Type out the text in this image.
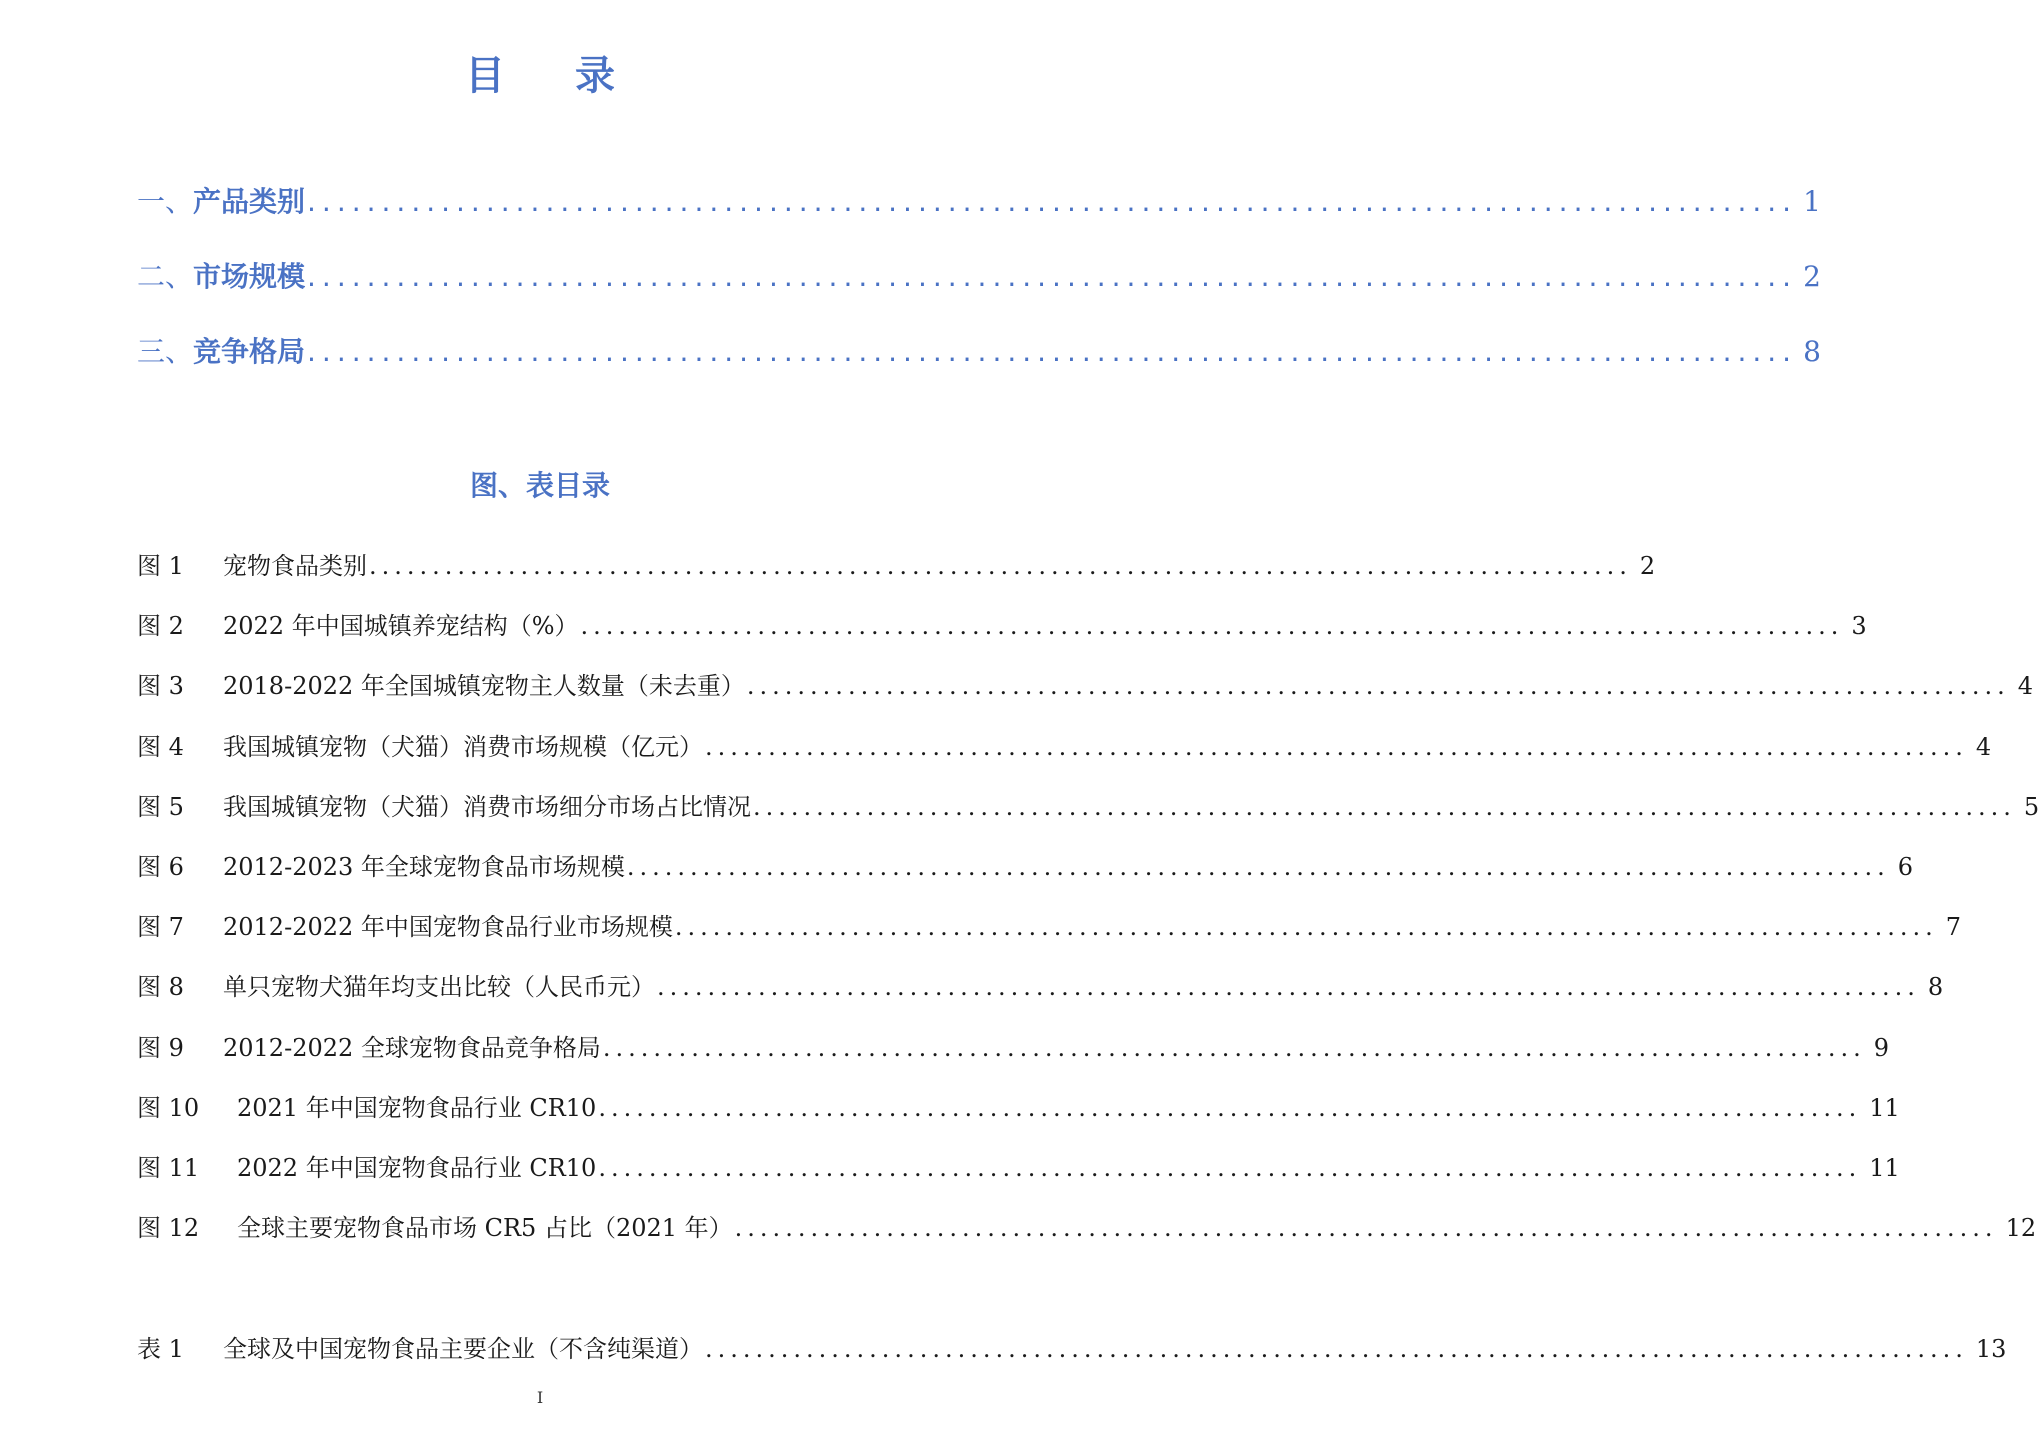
目 录
一、 产品类别 .................................................................................................... 1
二、 市场规模 .................................................................................................... 2
三、 竞争格局 .................................................................................................... 8
图、表目录
图 1	宠物食品类别 .................................................................................................... 2
图 2	2022 年中国城镇养宠结构（%） .................................................................................................... 3
图 3	2018-2022 年全国城镇宠物主人数量（未去重） .................................................................................................... 4
图 4	我国城镇宠物（犬猫）消费市场规模（亿元） .................................................................................................... 4
图 5	我国城镇宠物（犬猫）消费市场细分市场占比情况 .................................................................................................... 5
图 6	2012-2023 年全球宠物食品市场规模 .................................................................................................... 6
图 7	2012-2022 年中国宠物食品行业市场规模 .................................................................................................... 7
图 8	单只宠物犬猫年均支出比较（人民币元） .................................................................................................... 8
图 9	2012-2022 全球宠物食品竞争格局 .................................................................................................... 9
图 10	2021 年中国宠物食品行业 CR10 .................................................................................................... 11
图 11	2022 年中国宠物食品行业 CR10 .................................................................................................... 11
图 12	全球主要宠物食品市场 CR5 占比（2021 年） .................................................................................................... 12
表 1	全球及中国宠物食品主要企业（不含纯渠道） .................................................................................................... 13
I
